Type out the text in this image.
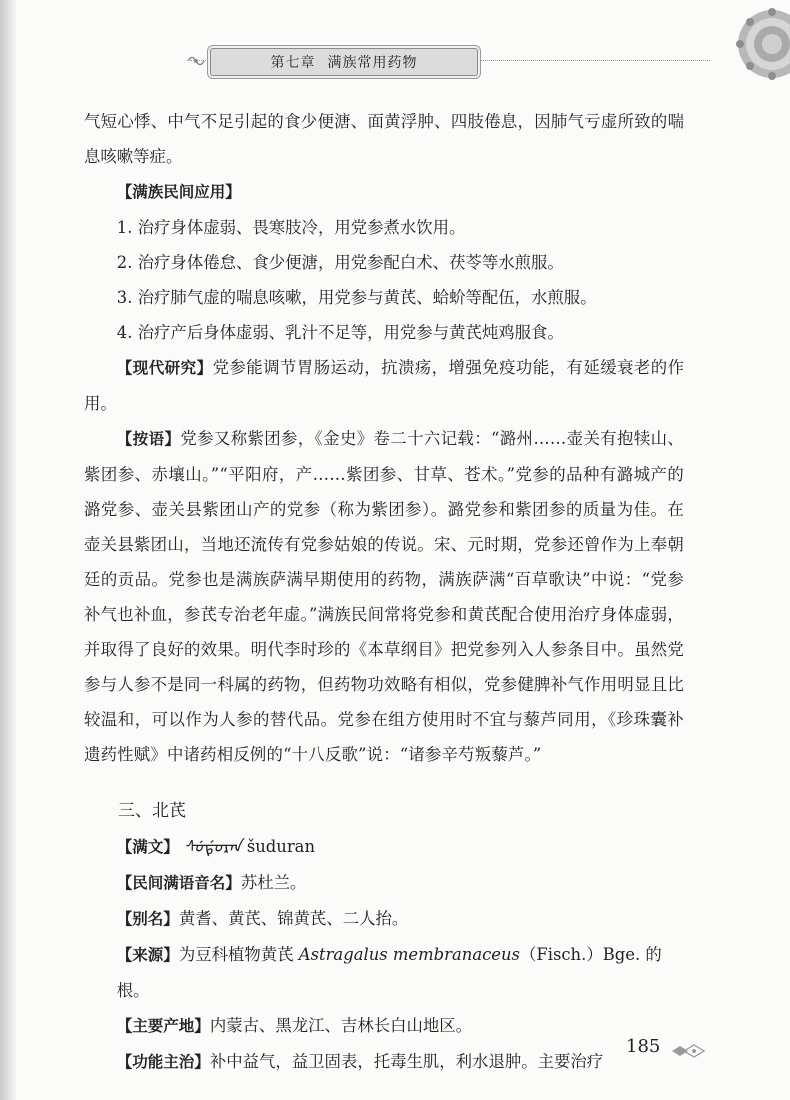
第七章 满族常用药物

气短心悸、中气不足引起的食少便溏、面黄浮肿、四肢倦息，因肺气亏虚所致的喘息咳嗽等症。

【满族民间应用】

1. 治疗身体虚弱、畏寒肢冷，用党参煮水饮用。

2. 治疗身体倦怠、食少便溏，用党参配白术、茯苓等水煎服。

3. 治疗肺气虚的喘息咳嗽，用党参与黄芪、蛤蚧等配伍，水煎服。

4. 治疗产后身体虚弱、乳汁不足等，用党参与黄芪炖鸡服食。

【现代研究】党参能调节胃肠运动，抗溃疡，增强免疫功能，有延缓衰老的作用。

【按语】党参又称紫团参，《金史》卷二十六记载：“潞州……壶关有抱犊山、紫团参、赤壤山。”“平阳府，产……紫团参、甘草、苍术。”党参的品种有潞城产的潞党参、壶关县紫团山产的党参（称为紫团参）。潞党参和紫团参的质量为佳。在壶关县紫团山，当地还流传有党参姑娘的传说。宋、元时期，党参还曾作为上奉朝廷的贡品。党参也是满族萨满早期使用的药物，满族萨满“百草歌诀”中说：“党参补气也补血，参芪专治老年虚。”满族民间常将党参和黄芪配合使用治疗身体虚弱，并取得了良好的效果。明代李时珍的《本草纲目》把党参列入人参条目中。虽然党参与人参不是同一科属的药物，但药物功效略有相似，党参健脾补气作用明显且比较温和，可以作为人参的替代品。党参在组方使用时不宜与藜芦同用，《珍珠囊补遗药性赋》中诸药相反例的“十八反歌”说：“诸参辛芍叛藜芦。”

三、北芪

【满文】 ᠰᡠᡩᡠᡵᠠᠨ šuduran

【民间满语音名】苏杜兰。

【别名】黄耆、黄芪、锦黄芪、二人抬。

【来源】为豆科植物黄芪 Astragalus membranaceus（Fisch.）Bge. 的根。

【主要产地】内蒙古、黑龙江、吉林长白山地区。

【功能主治】补中益气，益卫固表，托毒生肌，利水退肿。主要治疗

185
